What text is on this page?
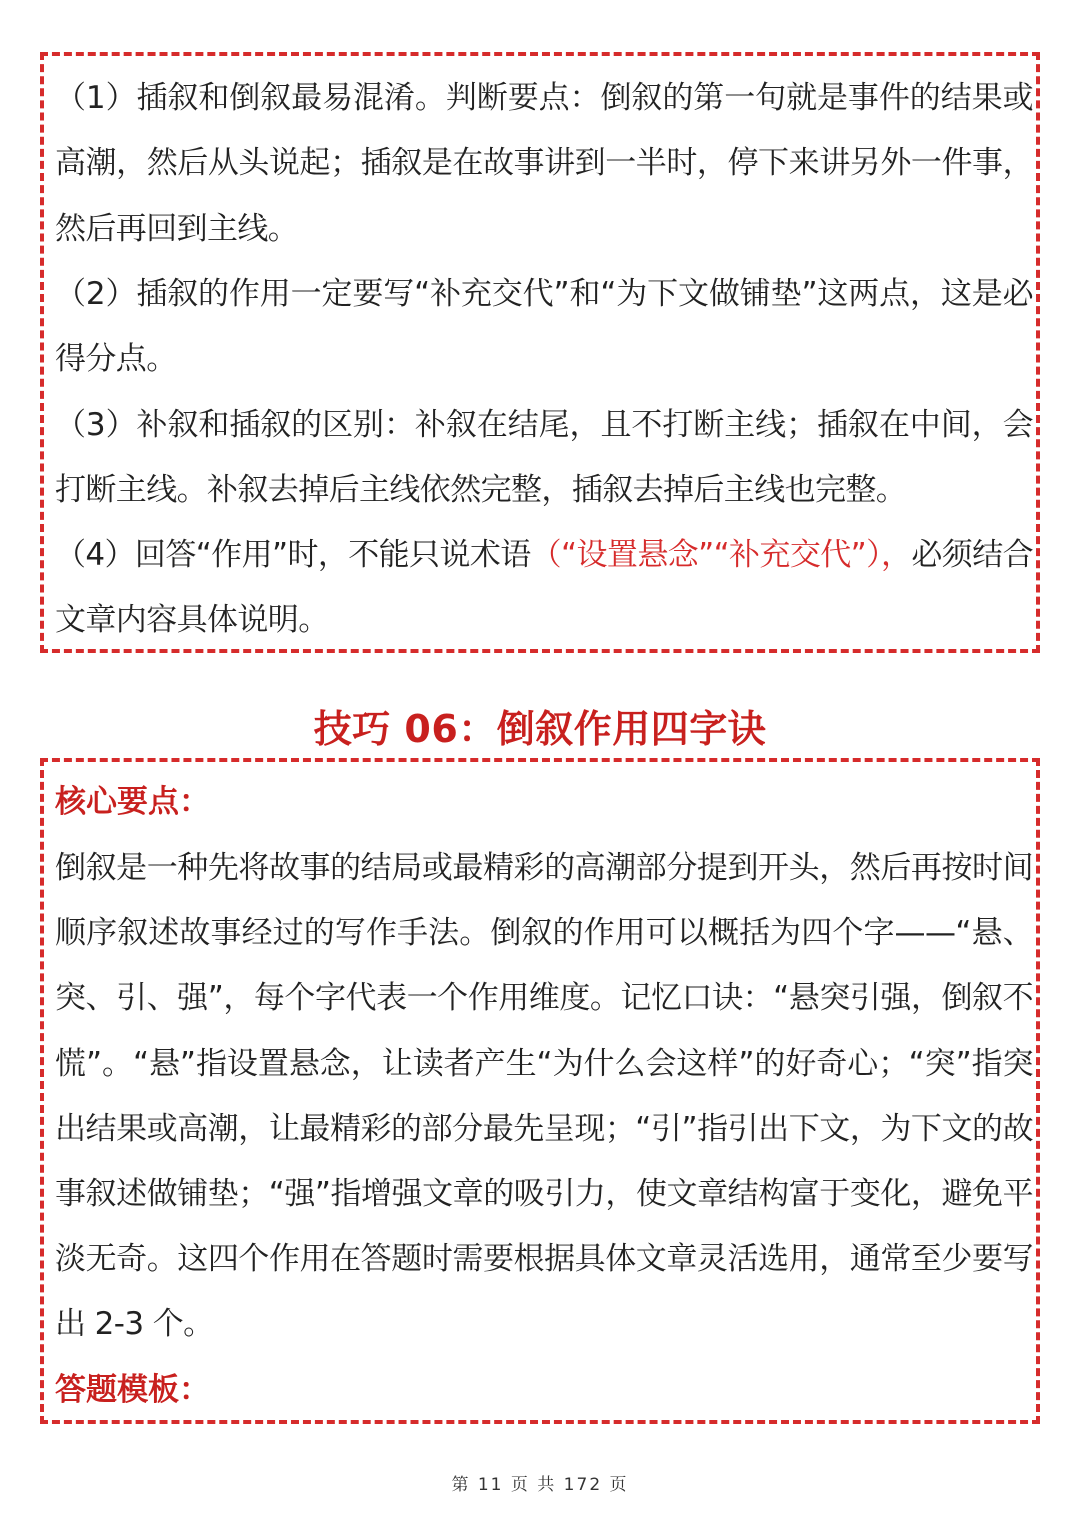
（1）插叙和倒叙最易混淆。判断要点：倒叙的第一句就是事件的结果或高潮，然后从头说起；插叙是在故事讲到一半时，停下来讲另外一件事，然后再回到主线。
（2）插叙的作用一定要写“补充交代”和“为下文做铺垫”这两点，这是必得分点。
（3）补叙和插叙的区别：补叙在结尾，且不打断主线；插叙在中间，会打断主线。补叙去掉后主线依然完整，插叙去掉后主线也完整。
（4）回答“作用”时，不能只说术语（“设置悬念”“补充交代”），必须结合文章内容具体说明。
技巧 06：倒叙作用四字诀
核心要点：
倒叙是一种先将故事的结局或最精彩的高潮部分提到开头，然后再按时间顺序叙述故事经过的写作手法。倒叙的作用可以概括为四个字——“悬、突、引、强”，每个字代表一个作用维度。记忆口诀：“悬突引强，倒叙不慌”。“悬”指设置悬念，让读者产生“为什么会这样”的好奇心；“突”指突出结果或高潮，让最精彩的部分最先呈现；“引”指引出下文，为下文的故事叙述做铺垫；“强”指增强文章的吸引力，使文章结构富于变化，避免平淡无奇。这四个作用在答题时需要根据具体文章灵活选用，通常至少要写出 2-3 个。
答题模板：
第 11 页 共 172 页
